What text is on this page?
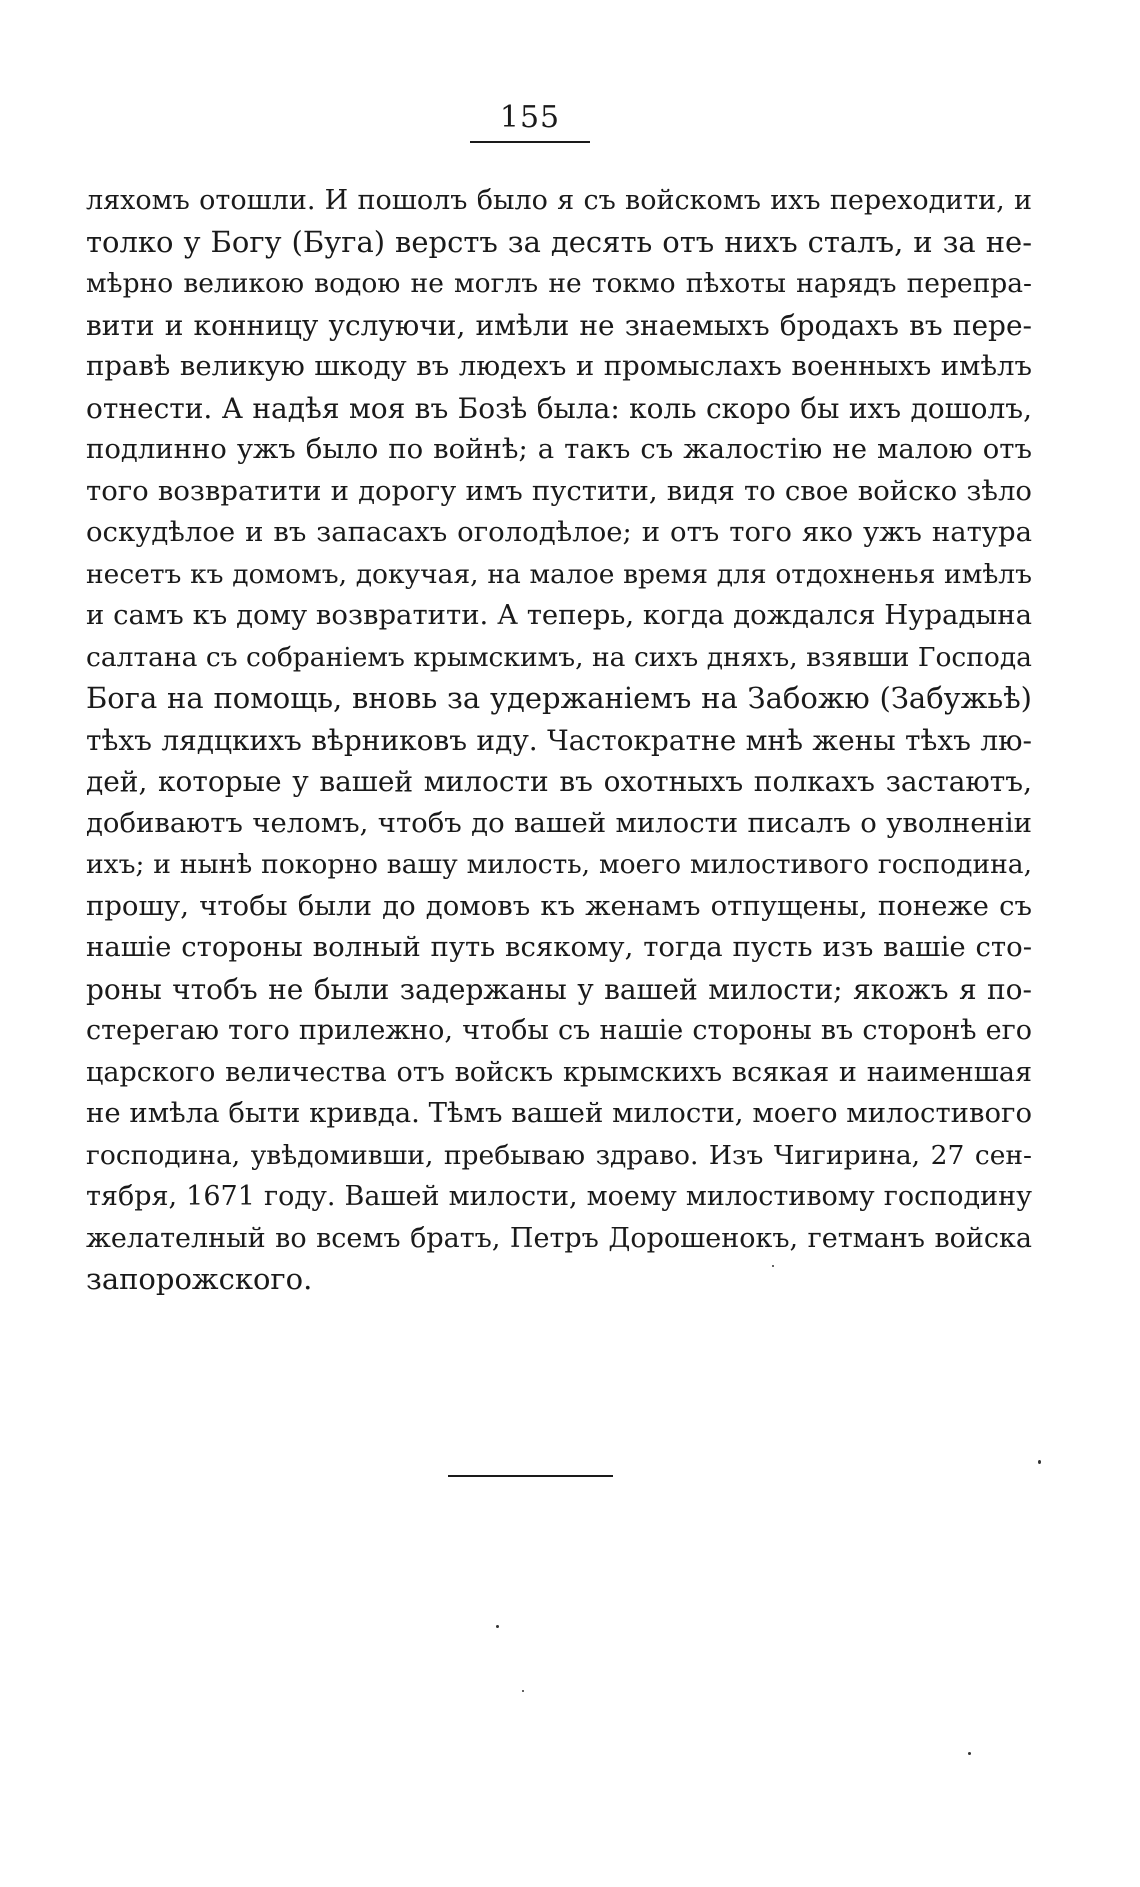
155
ляхомъ отошли. И пошолъ было я съ войскомъ ихъ переходити, и
толко у Богу (Буга) верстъ за десять отъ нихъ сталъ, и за не-
мѣрно великою водою не моглъ не токмо пѣхоты нарядъ перепра-
вити и конницу услуючи, имѣли не знаемыхъ бродахъ въ пере-
правѣ великую шкоду въ людехъ и промыслахъ военныхъ имѣлъ
отнести. А надѣя моя въ Бозѣ была: коль скоро бы ихъ дошолъ,
подлинно ужъ было по войнѣ; а такъ съ жалостію не малою отъ
того возвратити и дорогу имъ пустити, видя то свое войско зѣло
оскудѣлое и въ запасахъ оголодѣлое; и отъ того яко ужъ натура
несетъ къ домомъ, докучая, на малое время для отдохненья имѣлъ
и самъ къ дому возвратити. А теперь, когда дождался Нурадына
салтана съ собраніемъ крымскимъ, на сихъ дняхъ, взявши Господа
Бога на помощь, вновь за удержаніемъ на Забожю (Забужьѣ)
тѣхъ лядцкихъ вѣрниковъ иду. Частократне мнѣ жены тѣхъ лю-
дей, которые у вашей милости въ охотныхъ полкахъ застаютъ,
добиваютъ челомъ, чтобъ до вашей милости писалъ о уволненіи
ихъ; и нынѣ покорно вашу милость, моего милостивого господина,
прошу, чтобы были до домовъ къ женамъ отпущены, понеже съ
нашіе стороны волный путь всякому, тогда пусть изъ вашіе сто-
роны чтобъ не были задержаны у вашей милости; якожъ я по-
стерегаю того прилежно, чтобы съ нашіе стороны въ сторонѣ его
царского величества отъ войскъ крымскихъ всякая и наименшая
не имѣла быти кривда. Тѣмъ вашей милости, моего милостивого
господина, увѣдомивши, пребываю здраво. Изъ Чигирина, 27 сен-
тября, 1671 году. Вашей милости, моему милостивому господину
желателный во всемъ братъ, Петръ Дорошенокъ, гетманъ войска
запорожского.
